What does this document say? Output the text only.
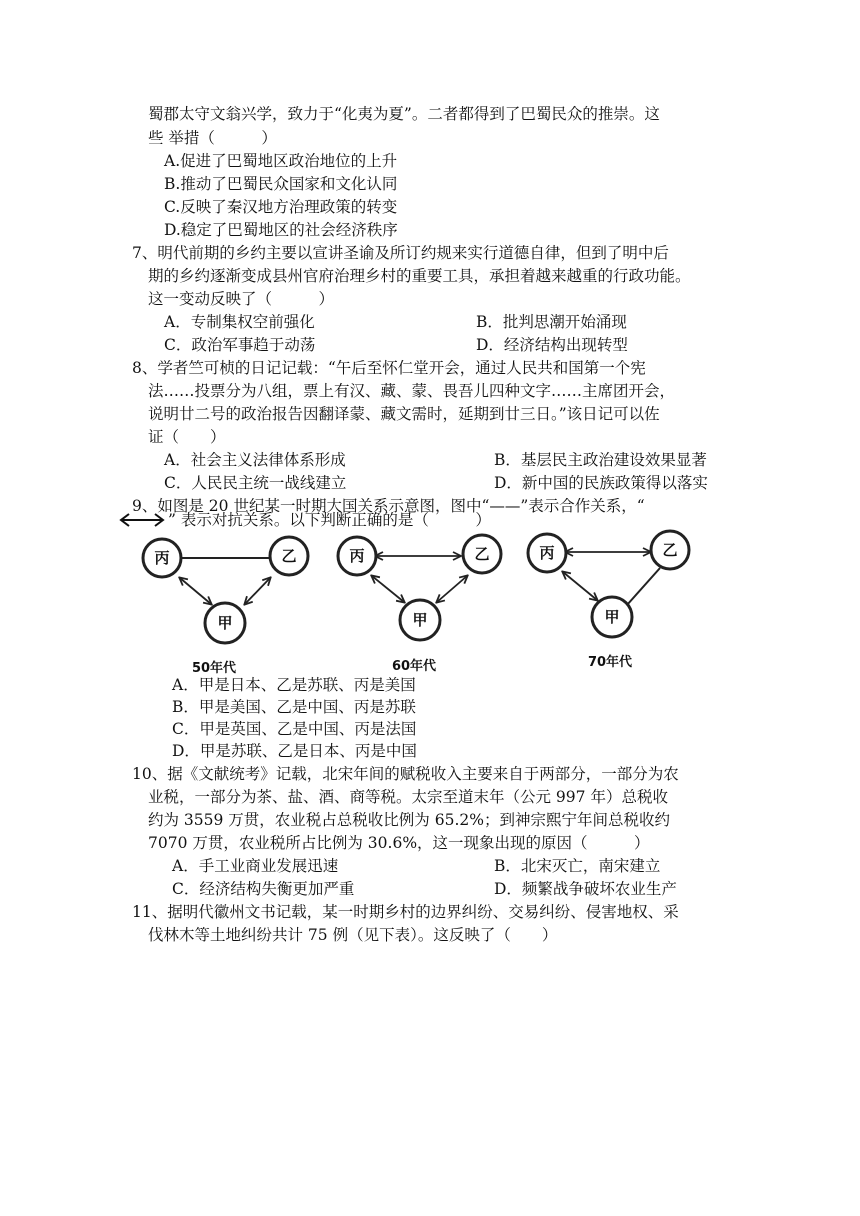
蜀郡太守文翁兴学，致力于“化夷为夏”。二者都得到了巴蜀民众的推崇。这
些 举措（　　　）
A.促进了巴蜀地区政治地位的上升
B.推动了巴蜀民众国家和文化认同
C.反映了秦汉地方治理政策的转变
D.稳定了巴蜀地区的社会经济秩序
7、明代前期的乡约主要以宣讲圣谕及所订约规来实行道德自律，但到了明中后
期的乡约逐渐变成县州官府治理乡村的重要工具，承担着越来越重的行政功能。
这一变动反映了（　　　）
A．专制集权空前强化	B．批判思潮开始涌现
C．政治军事趋于动荡	D．经济结构出现转型
8、学者竺可桢的日记记载：“午后至怀仁堂开会，通过人民共和国第一个宪
法……投票分为八组，票上有汉、藏、蒙、畏吾儿四种文字……主席团开会，
说明廿二号的政治报告因翻译蒙、藏文需时，延期到廿三日。”该日记可以佐
证（　　）
A．社会主义法律体系形成	B．基层民主政治建设效果显著
C．人民民主统一战线建立	D．新中国的民族政策得以落实
9、如图是 20 世纪某一时期大国关系示意图，图中“——”表示合作关系，“
” 表示对抗关系。以下判断正确的是（　　　）
丙	乙
甲
50年代
丙	乙
甲
60年代
丙	乙
甲
70年代
A．甲是日本、乙是苏联、丙是美国
B．甲是美国、乙是中国、丙是苏联
C．甲是英国、乙是中国、丙是法国
D．甲是苏联、乙是日本、丙是中国
10、据《文献统考》记载，北宋年间的赋税收入主要来自于两部分，一部分为农
业税，一部分为茶、盐、酒、商等税。太宗至道末年（公元 997 年）总税收
约为 3559 万贯，农业税占总税收比例为 65.2%；到神宗熙宁年间总税收约
7070 万贯，农业税所占比例为 30.6%，这一现象出现的原因（　　　）
A．手工业商业发展迅速	B．北宋灭亡，南宋建立
C．经济结构失衡更加严重	D．频繁战争破坏农业生产
11、据明代徽州文书记载，某一时期乡村的边界纠纷、交易纠纷、侵害地权、采
伐林木等土地纠纷共计 75 例（见下表）。这反映了（　　）
